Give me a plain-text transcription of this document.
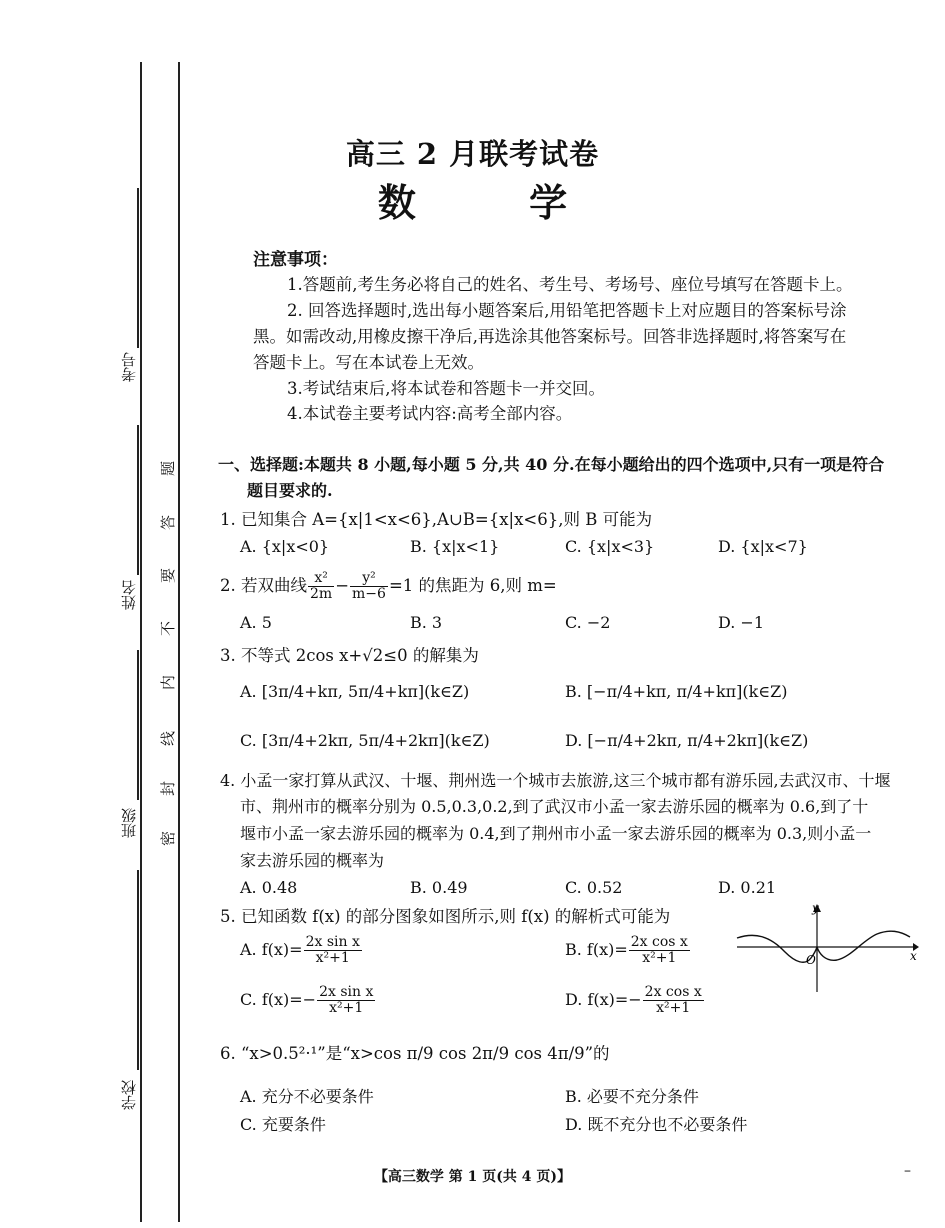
考号
姓名
班级
学校
密
封
线
内
不
要
答
题
高三 2 月联考试卷
数 学
注意事项：
1.答题前,考生务必将自己的姓名、考生号、考场号、座位号填写在答题卡上。
2. 回答选择题时,选出每小题答案后,用铅笔把答题卡上对应题目的答案标号涂
黑。如需改动,用橡皮擦干净后,再选涂其他答案标号。回答非选择题时,将答案写在
答题卡上。写在本试卷上无效。
3.考试结束后,将本试卷和答题卡一并交回。
4.本试卷主要考试内容:高考全部内容。
一、选择题:本题共 8 小题,每小题 5 分,共 40 分.在每小题给出的四个选项中,只有一项是符合
题目要求的.
1. 已知集合 A={x|1<x<6},A∪B={x|x<6},则 B 可能为
A. {x|x<0}	B. {x|x<1}	C. {x|x<3}	D. {x|x<7}
2. 若双曲线 $\frac{\text{x²}}{2m} - \frac{\text{y²}}{m-6} =1$ 的焦距为 6,则 m=
A. 5	B. 3	C. −2	D. −1
3. 不等式 2cos x+√2≤0 的解集为
A. [3π/4+kπ, 5π/4+kπ](k∈Z)	B. [−π/4+kπ, π/4+kπ](k∈Z)
C. [3π/4+2kπ, 5π/4+2kπ](k∈Z)	D. [−π/4+2kπ, π/4+2kπ](k∈Z)
4. 小孟一家打算从武汉、十堰、荆州选一个城市去旅游,这三个城市都有游乐园,去武汉市、十堰
市、荆州市的概率分别为 0.5,0.3,0.2,到了武汉市小孟一家去游乐园的概率为 0.6,到了十
堰市小孟一家去游乐园的概率为 0.4,到了荆州市小孟一家去游乐园的概率为 0.3,则小孟一
家去游乐园的概率为
A. 0.48	B. 0.49	C. 0.52	D. 0.21
5. 已知函数 f(x) 的部分图象如图所示,则 f(x) 的解析式可能为
A. $f(x)= \frac{\text{2x sin x}}{\text{x²+1}}$	B. $f(x)= \frac{\text{2x cos x}}{\text{x²+1}}$
C. $f(x)=- \frac{\text{2x sin x}}{\text{x²+1}}$	D. $f(x)=- \frac{\text{2x cos x}}{\text{x²+1}}$
y
x
O
6. “x>0.5²·¹”是“x>cos π/9 cos 2π/9 cos 4π/9”的
A. 充分不必要条件	B. 必要不充分条件
C. 充要条件	D. 既不充分也不必要条件
【高三数学 第 1 页(共 4 页)】	–
